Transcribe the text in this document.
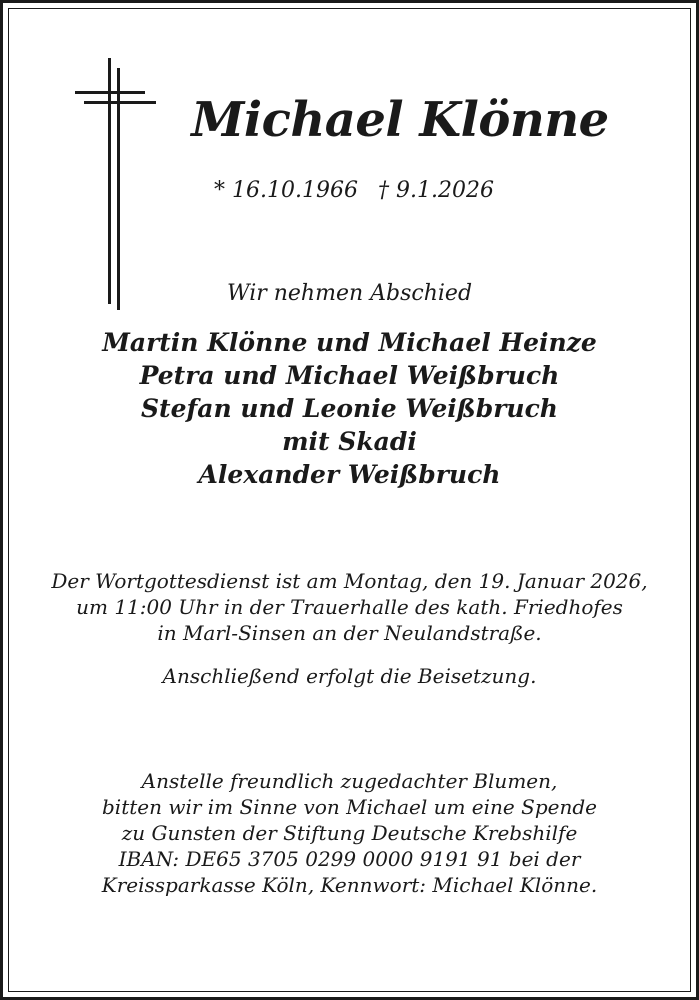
Michael Klönne
* 16.10.1966 † 9.1.2026
Wir nehmen Abschied
Martin Klönne und Michael Heinze
Petra und Michael Weißbruch
Stefan und Leonie Weißbruch
mit Skadi
Alexander Weißbruch
Der Wortgottesdienst ist am Montag, den 19. Januar 2026,
um 11:00 Uhr in der Trauerhalle des kath. Friedhofes
in Marl-Sinsen an der Neulandstraße.
Anschließend erfolgt die Beisetzung.
Anstelle freundlich zugedachter Blumen,
bitten wir im Sinne von Michael um eine Spende
zu Gunsten der Stiftung Deutsche Krebshilfe
IBAN: DE65 3705 0299 0000 9191 91 bei der
Kreissparkasse Köln, Kennwort: Michael Klönne.
